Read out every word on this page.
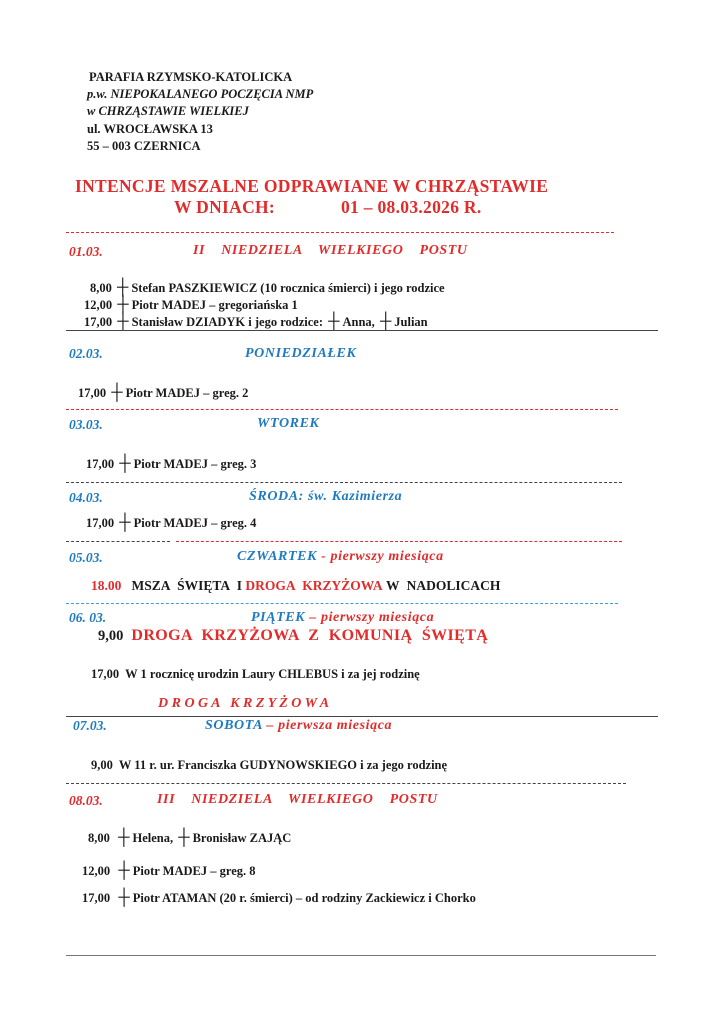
PARAFIA RZYMSKO-KATOLICKA
p.w. NIEPOKALANEGO POCZĘCIA NMP
w CHRZĄSTAWIE WIELKIEJ
ul. WROCŁAWSKA 13
55 – 003 CZERNICA
INTENCJE MSZALNE ODPRAWIANE W CHRZĄSTAWIE
W DNIACH:	01 – 08.03.2026 R.
01.03.	II NIEDZIELA WIELKIEGO POSTU
8,00 ┼ Stefan PASZKIEWICZ (10 rocznica śmierci) i jego rodzice
12,00 ┼ Piotr MADEJ – gregoriańska 1
17,00 ┼ Stanisław DZIADYK i jego rodzice: ┼ Anna, ┼ Julian
02.03.	PONIEDZIAŁEK
17,00 ┼ Piotr MADEJ – greg. 2
03.03.	WTOREK
17,00 ┼ Piotr MADEJ – greg. 3
04.03.	ŚRODA: św. Kazimierza
17,00 ┼ Piotr MADEJ – greg. 4
05.03.	CZWARTEK - pierwszy miesiąca
18.00 MSZA ŚWIĘTA I DROGA KRZYŻOWA W NADOLICACH
06. 03.	PIĄTEK – pierwszy miesiąca
9,00 DROGA KRZYŻOWA Z KOMUNIĄ ŚWIĘTĄ
17,00 W 1 rocznicę urodzin Laury CHLEBUS i za jej rodzinę
D R O G A   K R Z Y Ż O W A
07.03.	SOBOTA – pierwsza miesiąca
9,00 W 11 r. ur. Franciszka GUDYNOWSKIEGO i za jego rodzinę
08.03.	III NIEDZIELA WIELKIEGO POSTU
8,00 ┼ Helena, ┼ Bronisław ZAJĄC
12,00 ┼ Piotr MADEJ – greg. 8
17,00 ┼ Piotr ATAMAN (20 r. śmierci) – od rodziny Zackiewicz i Chorko
